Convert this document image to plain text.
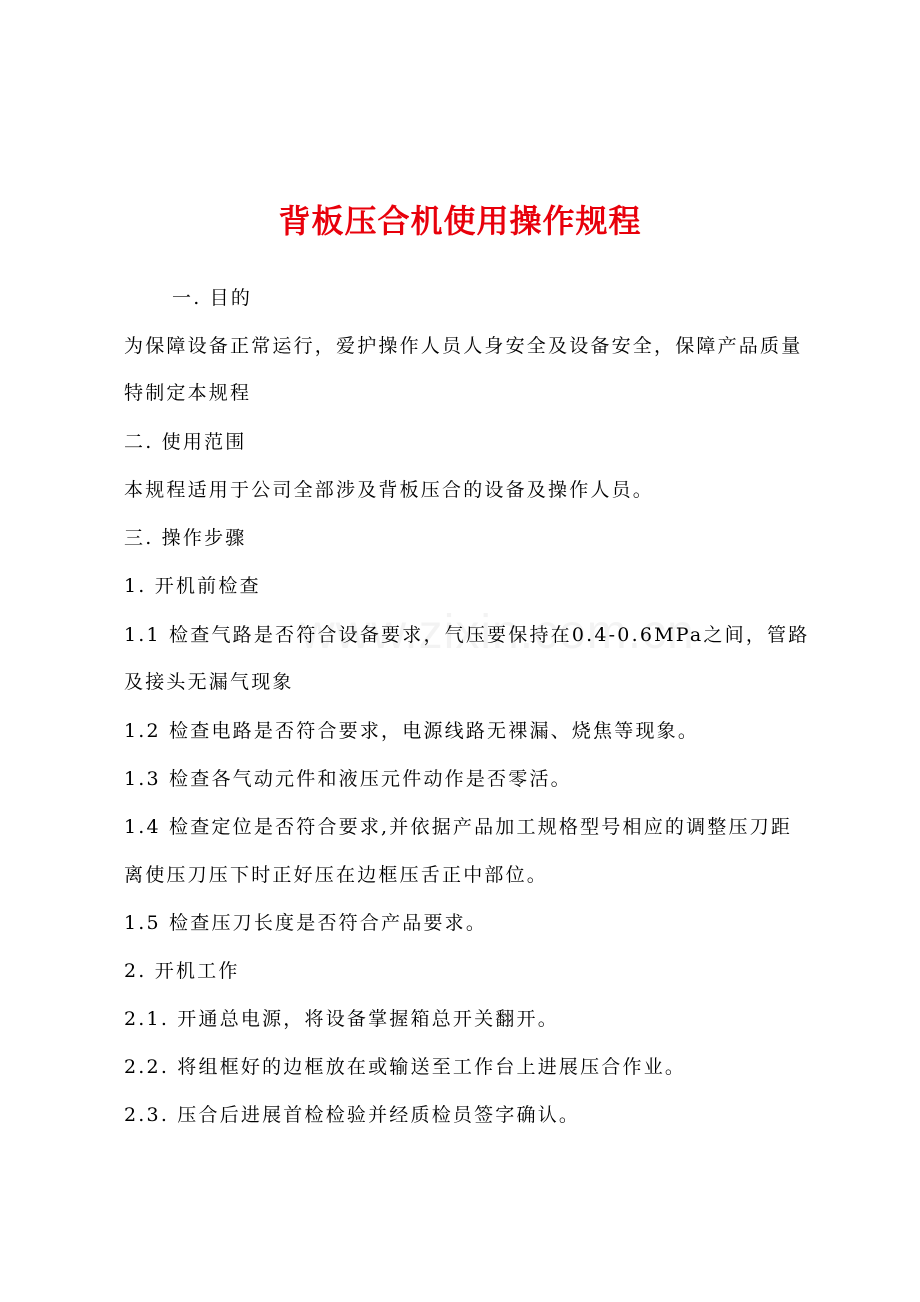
背板压合机使用操作规程
一. 目的
为保障设备正常运行，爱护操作人员人身安全及设备安全，保障产品质量
特制定本规程
二. 使用范围
本规程适用于公司全部涉及背板压合的设备及操作人员。
三. 操作步骤
1. 开机前检查
1.1 检查气路是否符合设备要求，气压要保持在0.4-0.6MPa之间，管路
及接头无漏气现象
1.2 检查电路是否符合要求，电源线路无裸漏、烧焦等现象。
1.3 检查各气动元件和液压元件动作是否零活。
1.4 检查定位是否符合要求,并依据产品加工规格型号相应的调整压刀距
离使压刀压下时正好压在边框压舌正中部位。
1.5 检查压刀长度是否符合产品要求。
2. 开机工作
2.1. 开通总电源，将设备掌握箱总开关翻开。
2.2. 将组框好的边框放在或输送至工作台上进展压合作业。
2.3. 压合后进展首检检验并经质检员签字确认。
